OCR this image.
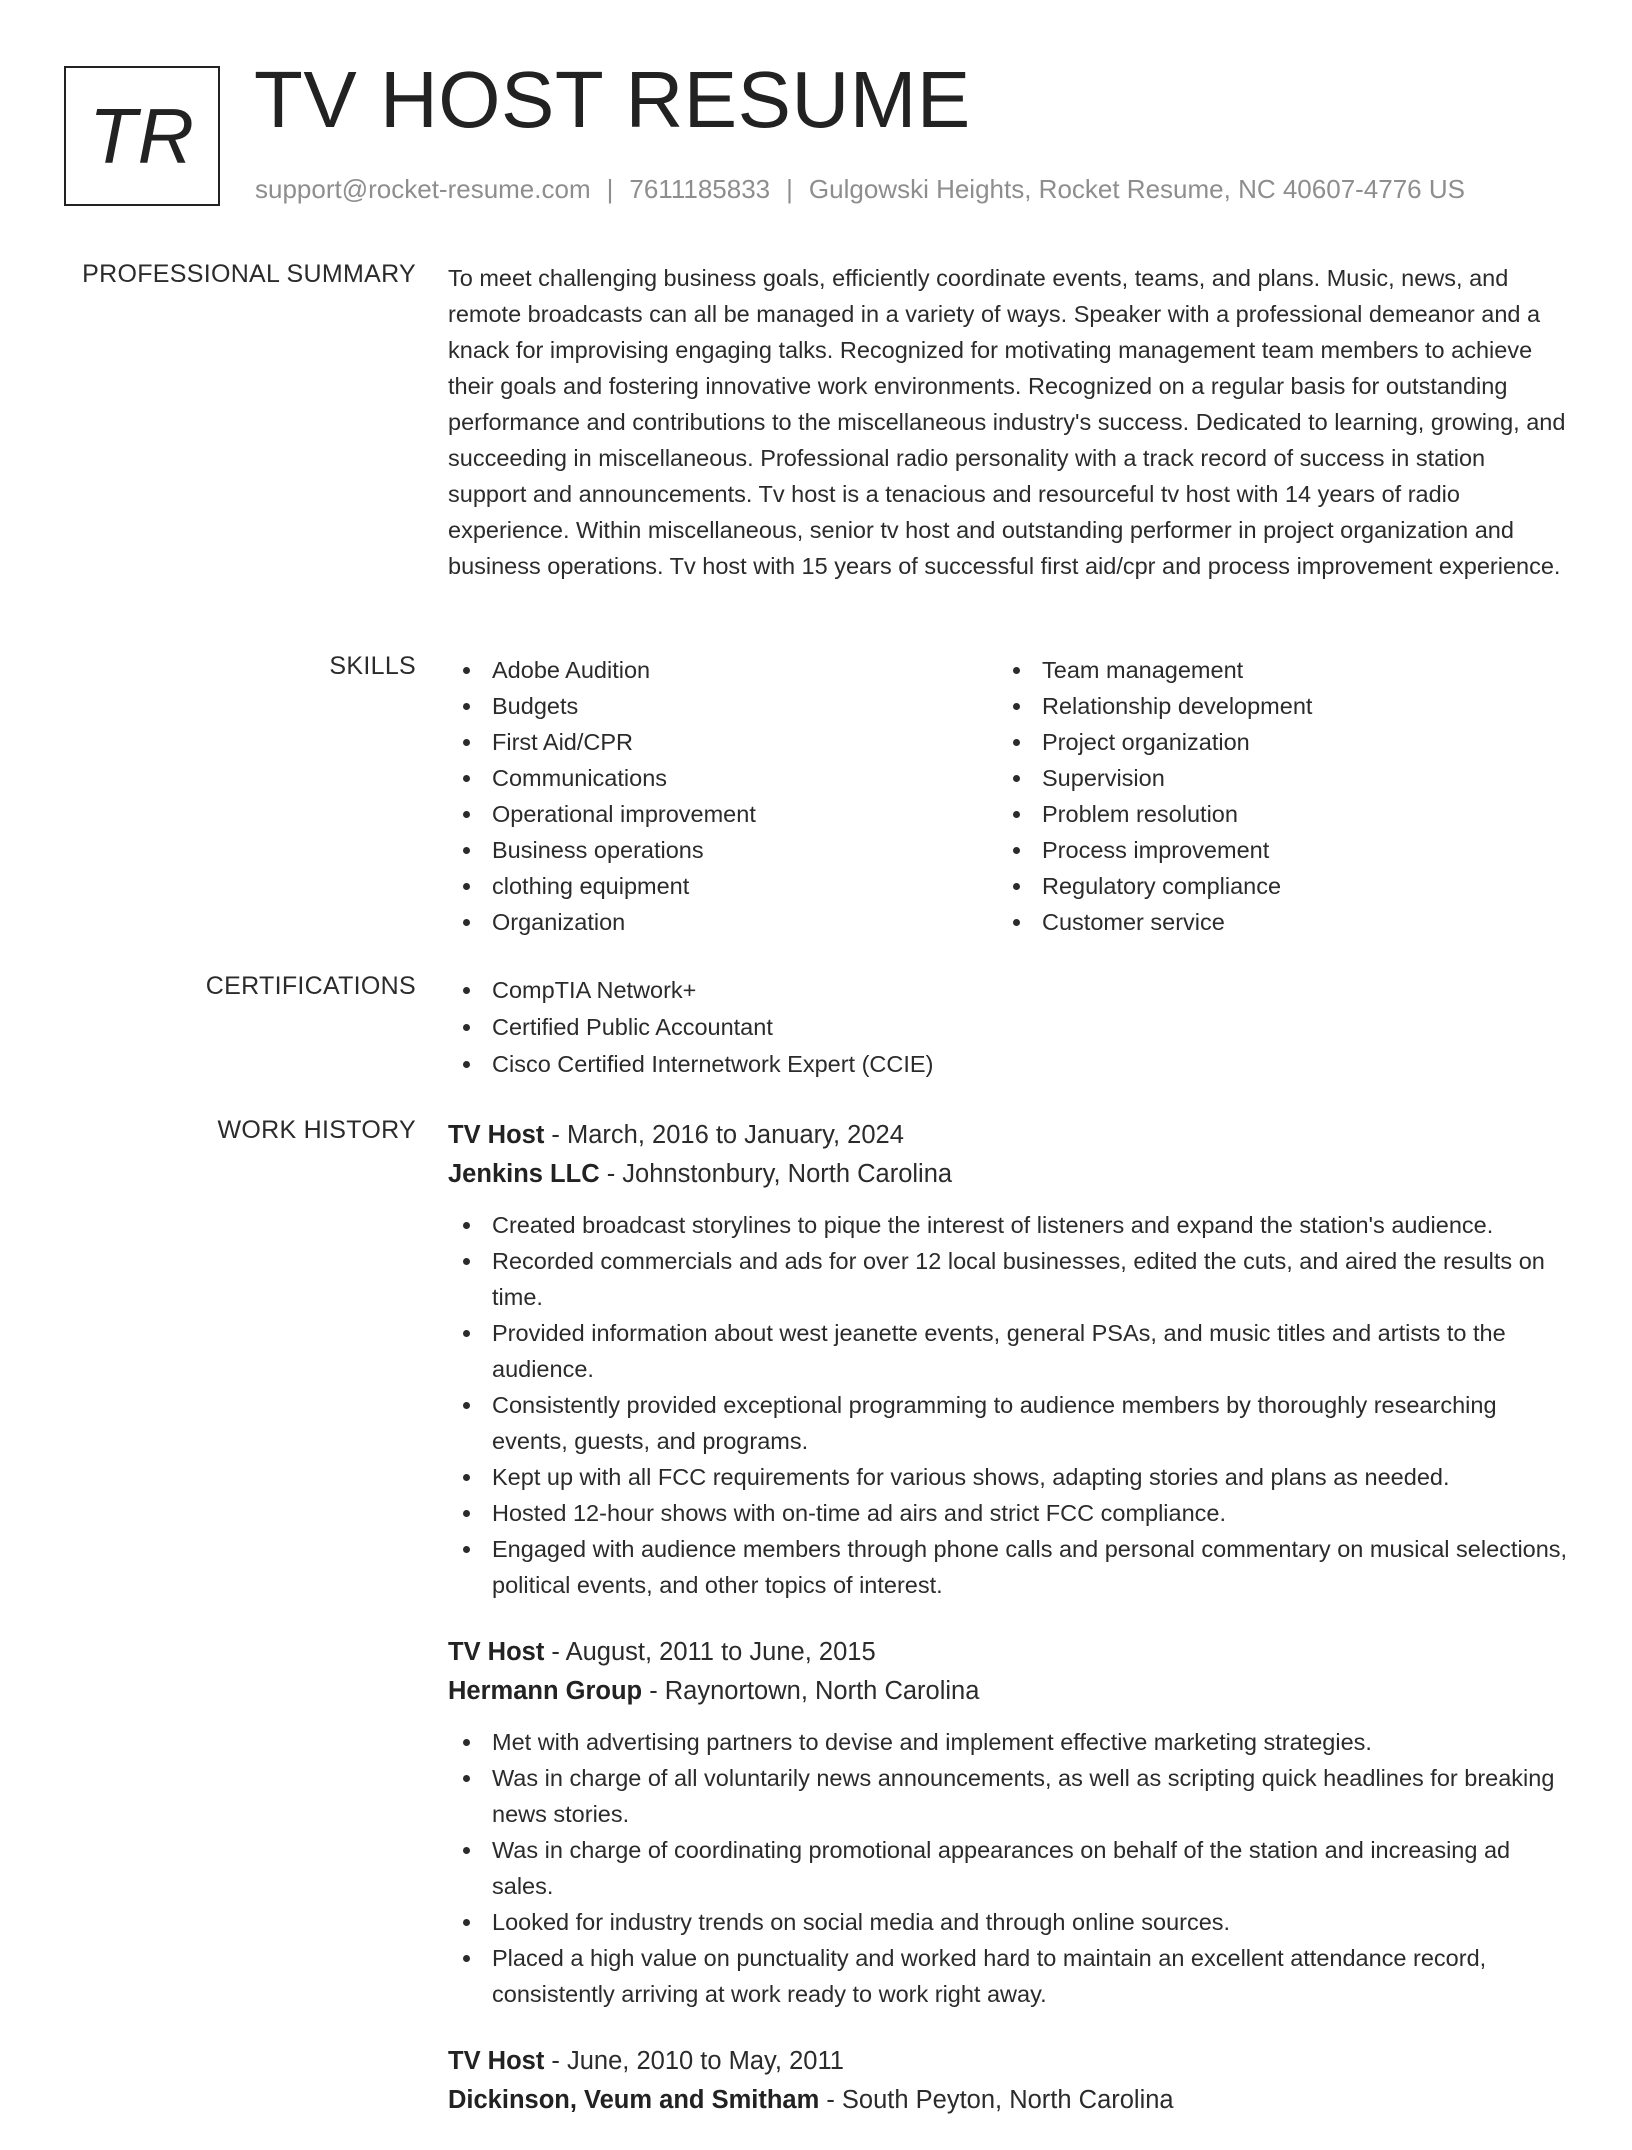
TR TV HOST RESUME
support@rocket-resume.com | 7611185833 | Gulgowski Heights, Rocket Resume, NC 40607-4776 US
PROFESSIONAL SUMMARY To meet challenging business goals, efficiently coordinate events, teams, and plans. Music, news, and remote broadcasts can all be managed in a variety of ways. Speaker with a professional demeanor and a knack for improvising engaging talks. Recognized for motivating management team members to achieve their goals and fostering innovative work environments. Recognized on a regular basis for outstanding performance and contributions to the miscellaneous industry's success. Dedicated to learning, growing, and succeeding in miscellaneous. Professional radio personality with a track record of success in station support and announcements. Tv host is a tenacious and resourceful tv host with 14 years of radio experience. Within miscellaneous, senior tv host and outstanding performer in project organization and business operations. Tv host with 15 years of successful first aid/cpr and process improvement experience.

SKILLS	Adobe Audition
Budgets
First Aid/CPR
Communications
Operational improvement
Business operations
clothing equipment
Organization
Team management
Relationship development
Project organization
Supervision
Problem resolution
Process improvement
Regulatory compliance
Customer service
CERTIFICATIONS	CompTIA Network+
Certified Public Accountant
Cisco Certified Internetwork Expert (CCIE)
WORK HISTORY TV Host - March, 2016 to January, 2024
Jenkins LLC - Johnstonbury, North Carolina
Created broadcast storylines to pique the interest of listeners and expand the station's audience.
Recorded commercials and ads for over 12 local businesses, edited the cuts, and aired the results on time.
Provided information about west jeanette events, general PSAs, and music titles and artists to the audience.
Consistently provided exceptional programming to audience members by thoroughly researching events, guests, and programs.
Kept up with all FCC requirements for various shows, adapting stories and plans as needed.
Hosted 12-hour shows with on-time ad airs and strict FCC compliance.
Engaged with audience members through phone calls and personal commentary on musical selections, political events, and other topics of interest.
TV Host - August, 2011 to June, 2015
Hermann Group - Raynortown, North Carolina
Met with advertising partners to devise and implement effective marketing strategies.
Was in charge of all voluntarily news announcements, as well as scripting quick headlines for breaking news stories.
Was in charge of coordinating promotional appearances on behalf of the station and increasing ad sales.
Looked for industry trends on social media and through online sources.
Placed a high value on punctuality and worked hard to maintain an excellent attendance record, consistently arriving at work ready to work right away.
TV Host - June, 2010 to May, 2011
Dickinson, Veum and Smitham - South Peyton, North Carolina
